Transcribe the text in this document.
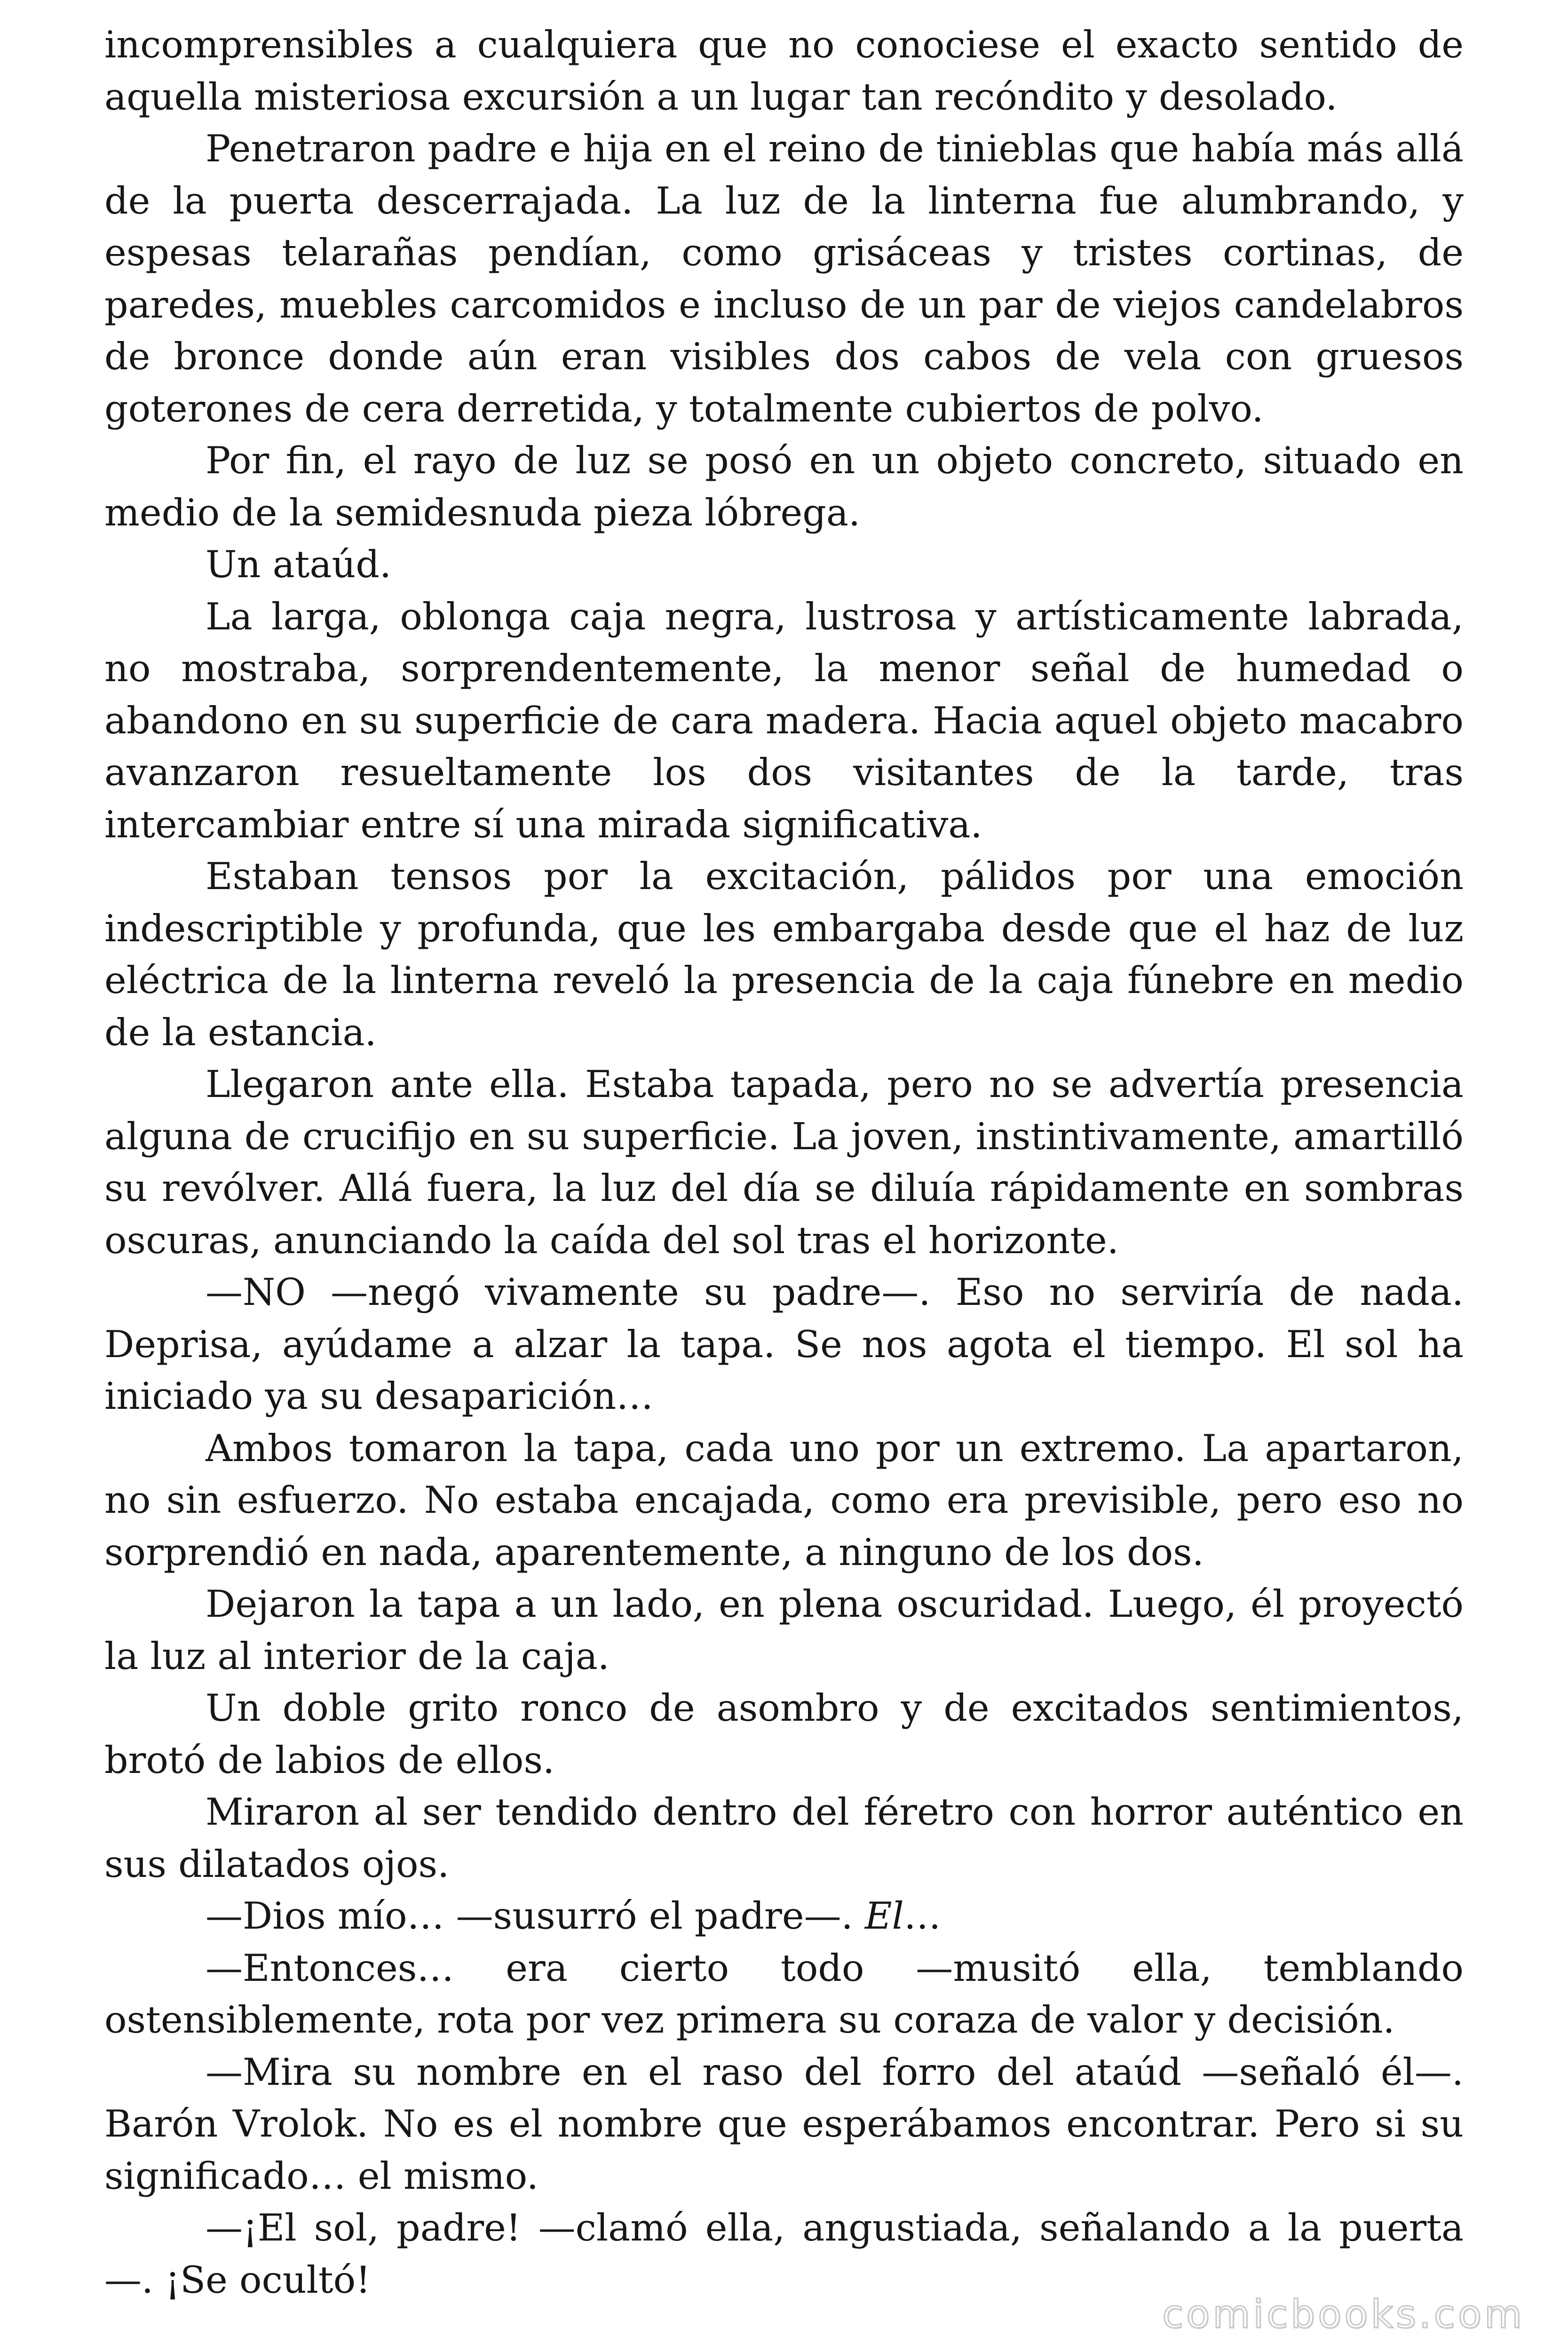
incomprensibles a cualquiera que no conociese el exacto sentido de aquella misteriosa excursión a un lugar tan recóndito y desolado.

Penetraron padre e hija en el reino de tinieblas que había más allá de la puerta descerrajada. La luz de la linterna fue alumbrando, y espesas telarañas pendían, como grisáceas y tristes cortinas, de paredes, muebles carcomidos e incluso de un par de viejos candelabros de bronce donde aún eran visibles dos cabos de vela con gruesos goterones de cera derretida, y totalmente cubiertos de polvo.

Por fin, el rayo de luz se posó en un objeto concreto, situado en medio de la semidesnuda pieza lóbrega.

Un ataúd.

La larga, oblonga caja negra, lustrosa y artísticamente labrada, no mostraba, sorprendentemente, la menor señal de humedad o abandono en su superficie de cara madera. Hacia aquel objeto macabro avanzaron resueltamente los dos visitantes de la tarde, tras intercambiar entre sí una mirada significativa.

Estaban tensos por la excitación, pálidos por una emoción indescriptible y profunda, que les embargaba desde que el haz de luz eléctrica de la linterna reveló la presencia de la caja fúnebre en medio de la estancia.

Llegaron ante ella. Estaba tapada, pero no se advertía presencia alguna de crucifijo en su superficie. La joven, instintivamente, amartilló su revólver. Allá fuera, la luz del día se diluía rápidamente en sombras oscuras, anunciando la caída del sol tras el horizonte.

—NO —negó vivamente su padre—. Eso no serviría de nada. Deprisa, ayúdame a alzar la tapa. Se nos agota el tiempo. El sol ha iniciado ya su desaparición…

Ambos tomaron la tapa, cada uno por un extremo. La apartaron, no sin esfuerzo. No estaba encajada, como era previsible, pero eso no sorprendió en nada, aparentemente, a ninguno de los dos.

Dejaron la tapa a un lado, en plena oscuridad. Luego, él proyectó la luz al interior de la caja.

Un doble grito ronco de asombro y de excitados sentimientos, brotó de labios de ellos.

Miraron al ser tendido dentro del féretro con horror auténtico en sus dilatados ojos.

—Dios mío… —susurró el padre—. El…

—Entonces… era cierto todo —musitó ella, temblando ostensiblemente, rota por vez primera su coraza de valor y decisión.

—Mira su nombre en el raso del forro del ataúd —señaló él—. Barón Vrolok. No es el nombre que esperábamos encontrar. Pero si su significado… el mismo.

—¡El sol, padre! —clamó ella, angustiada, señalando a la puerta —. ¡Se ocultó!

comicbooks.com
